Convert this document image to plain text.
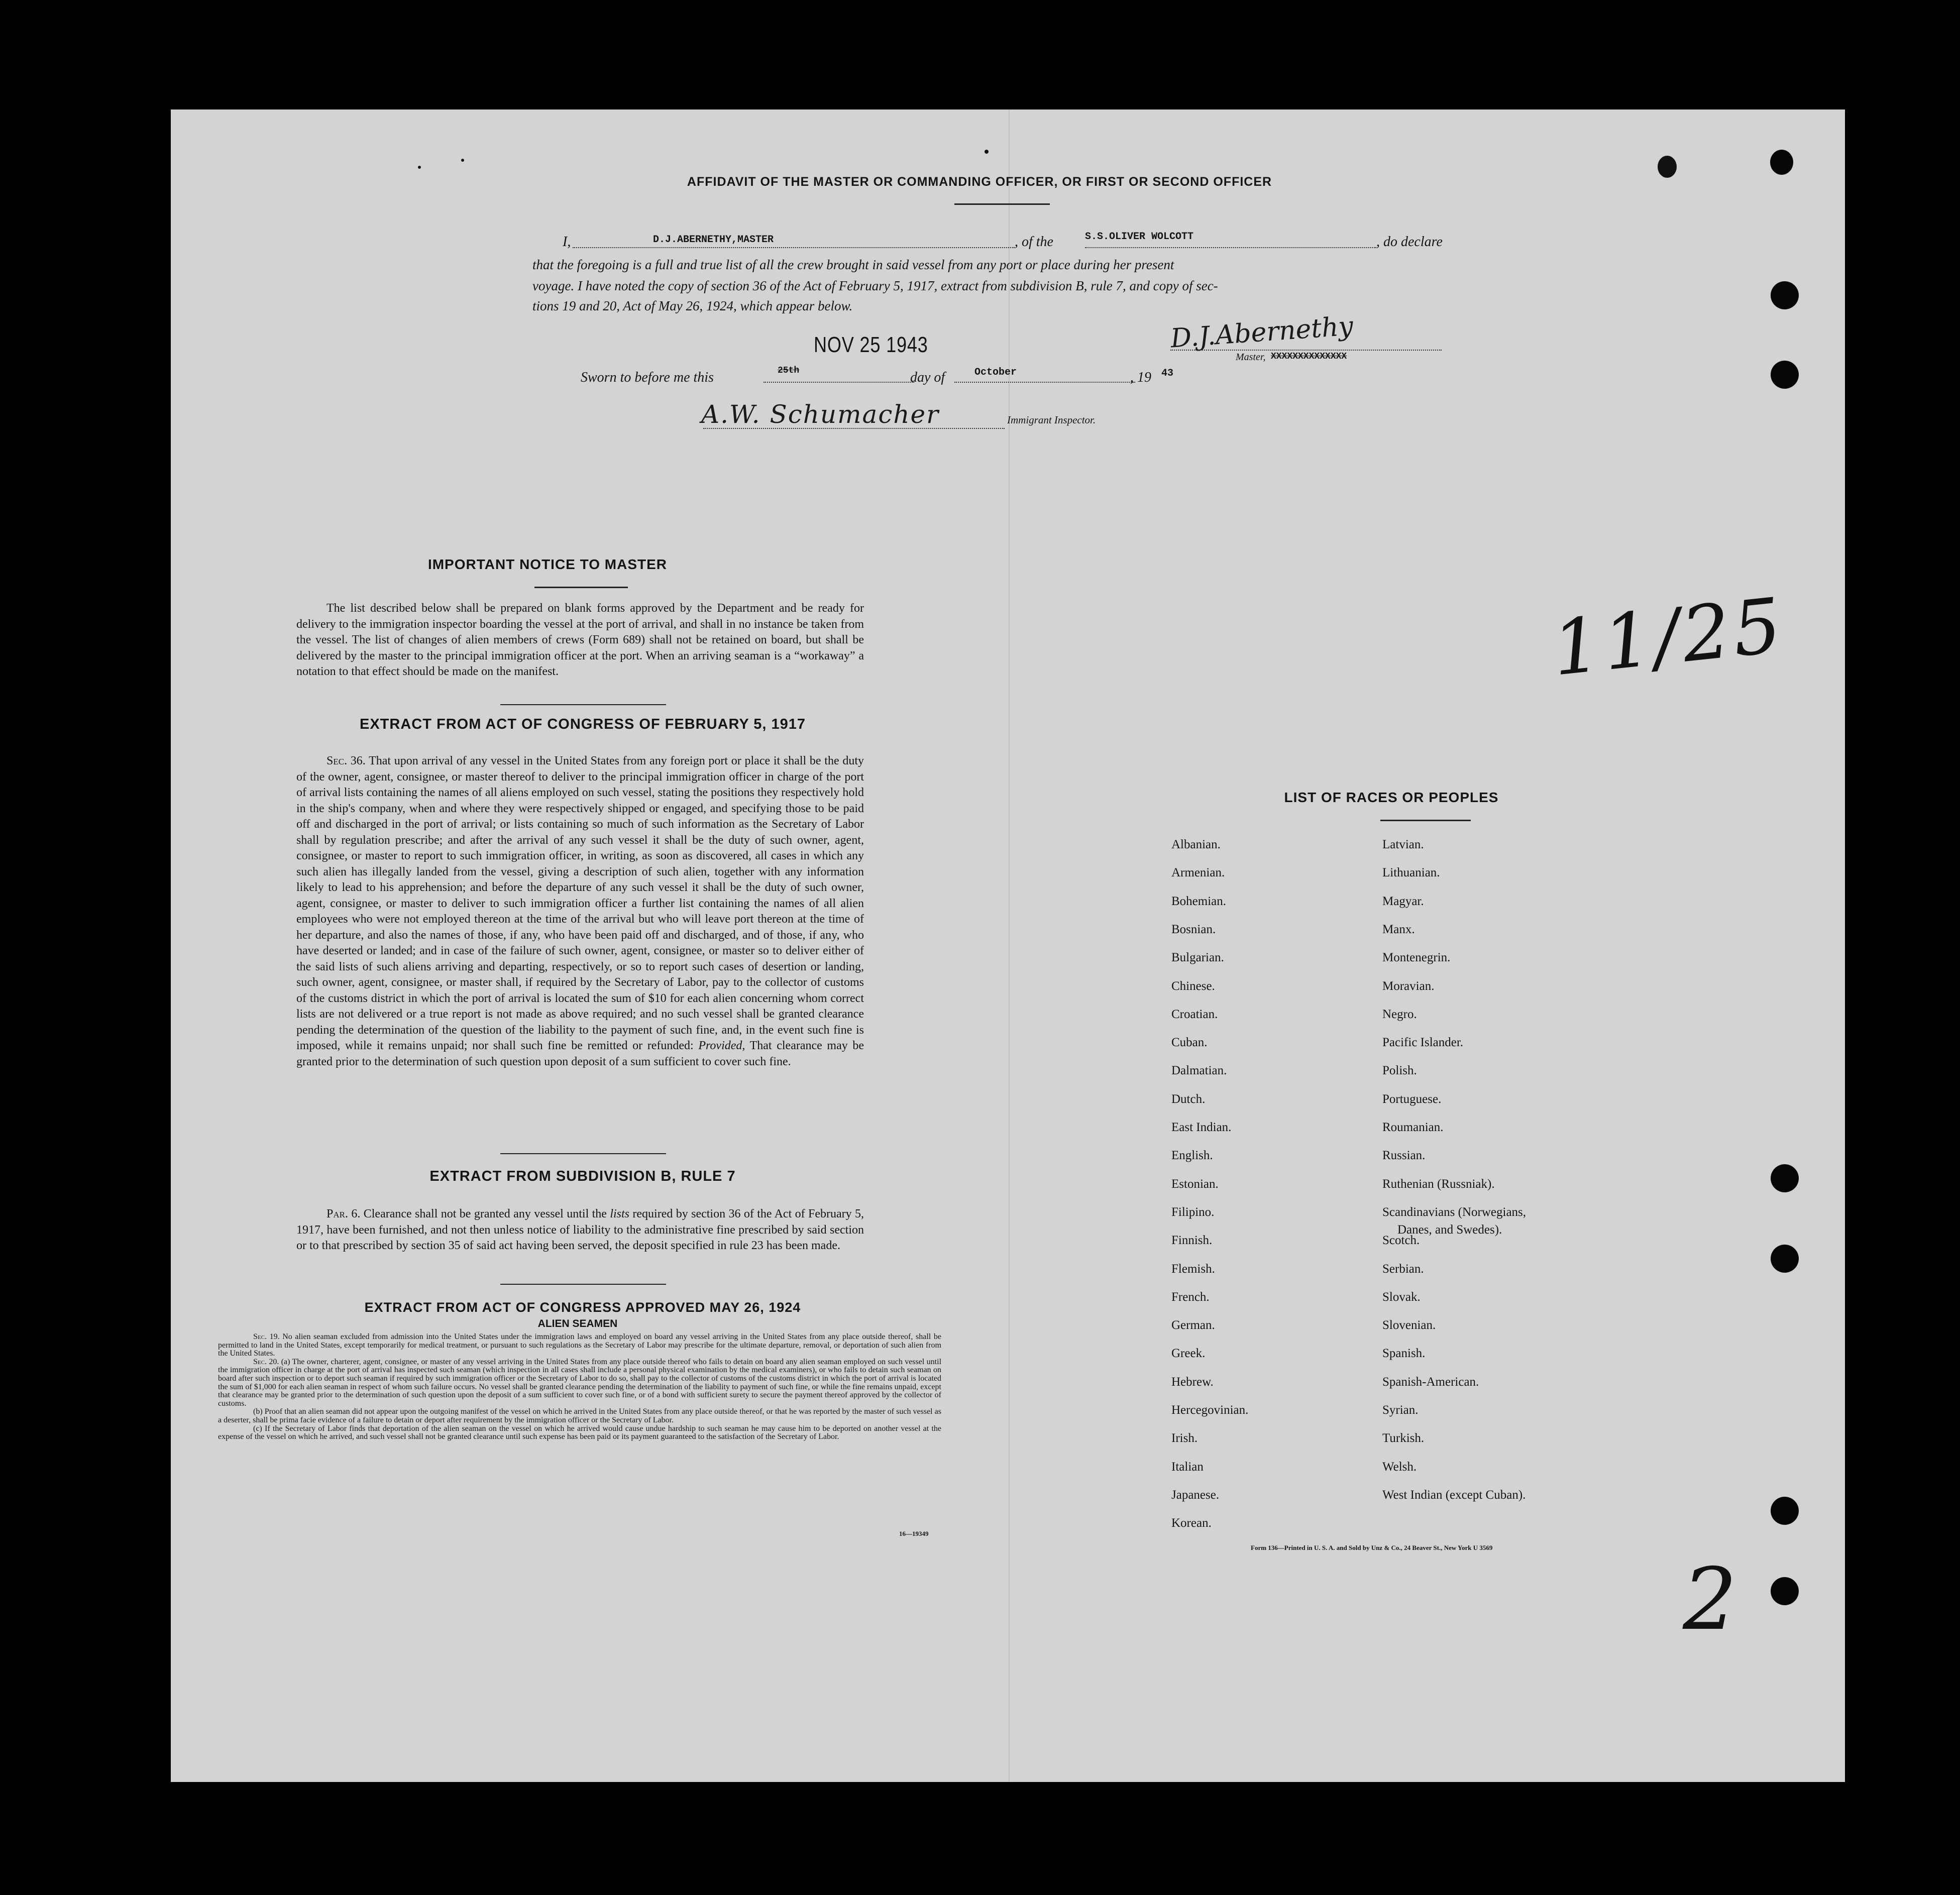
AFFIDAVIT OF THE MASTER OR COMMANDING OFFICER, OR FIRST OR SECOND OFFICER
I,	D.J.ABERNETHY,MASTER	, of the	S.S.OLIVER WOLCOTT	, do declare
that the foregoing is a full and true list of all the crew brought in said vessel from any port or place during her present
voyage. I have noted the copy of section 36 of the Act of February 5, 1917, extract from subdivision B, rule 7, and copy of sec-
tions 19 and 20, Act of May 26, 1924, which appear below.
NOV 25 1943	D.J.Abernethy
Master, XXXXXXXXXXXXXX
Sworn to before me this	25th	day of	October	, 19 43
A.W. Schumacher	Immigrant Inspector.
IMPORTANT NOTICE TO MASTER
The list described below shall be prepared on blank forms approved by the Department and be ready for delivery to the immigration inspector boarding the vessel at the port of arrival, and shall in no instance be taken from the vessel. The list of changes of alien members of crews (Form 689) shall not be retained on board, but shall be delivered by the master to the principal immigration officer at the port. When an arriving seaman is a “workaway” a notation to that effect should be made on the manifest.
EXTRACT FROM ACT OF CONGRESS OF FEBRUARY 5, 1917
Sec. 36. That upon arrival of any vessel in the United States from any foreign port or place it shall be the duty of the owner, agent, consignee, or master thereof to deliver to the principal immigration officer in charge of the port of arrival lists containing the names of all aliens employed on such vessel, stating the positions they respectively hold in the ship's company, when and where they were respectively shipped or engaged, and specifying those to be paid off and discharged in the port of arrival; or lists containing so much of such information as the Secretary of Labor shall by regulation prescribe; and after the arrival of any such vessel it shall be the duty of such owner, agent, consignee, or master to report to such immigration officer, in writing, as soon as discovered, all cases in which any such alien has illegally landed from the vessel, giving a description of such alien, together with any information likely to lead to his apprehension; and before the departure of any such vessel it shall be the duty of such owner, agent, consignee, or master to deliver to such immigration officer a further list containing the names of all alien employees who were not employed thereon at the time of the arrival but who will leave port thereon at the time of her departure, and also the names of those, if any, who have been paid off and discharged, and of those, if any, who have deserted or landed; and in case of the failure of such owner, agent, consignee, or master so to deliver either of the said lists of such aliens arriving and departing, respectively, or so to report such cases of desertion or landing, such owner, agent, consignee, or master shall, if required by the Secretary of Labor, pay to the collector of customs of the customs district in which the port of arrival is located the sum of $10 for each alien concerning whom correct lists are not delivered or a true report is not made as above required; and no such vessel shall be granted clearance pending the determination of the question of the liability to the payment of such fine, and, in the event such fine is imposed, while it remains unpaid; nor shall such fine be remitted or refunded: Provided, That clearance may be granted prior to the determination of such question upon deposit of a sum sufficient to cover such fine.
EXTRACT FROM SUBDIVISION B, RULE 7
Par. 6. Clearance shall not be granted any vessel until the lists required by section 36 of the Act of February 5, 1917, have been furnished, and not then unless notice of liability to the administrative fine prescribed by said section or to that prescribed by section 35 of said act having been served, the deposit specified in rule 23 has been made.
EXTRACT FROM ACT OF CONGRESS APPROVED MAY 26, 1924
ALIEN SEAMEN
Sec. 19. No alien seaman excluded from admission into the United States under the immigration laws and employed on board any vessel arriving in the United States from any place outside thereof, shall be permitted to land in the United States, except temporarily for medical treatment, or pursuant to such regulations as the Secretary of Labor may prescribe for the ultimate departure, removal, or deportation of such alien from the United States.
Sec. 20. (a) The owner, charterer, agent, consignee, or master of any vessel arriving in the United States from any place outside thereof who fails to detain on board any alien seaman employed on such vessel until the immigration officer in charge at the port of arrival has inspected such seaman (which inspection in all cases shall include a personal physical examination by the medical examiners), or who fails to detain such seaman on board after such inspection or to deport such seaman if required by such immigration officer or the Secretary of Labor to do so, shall pay to the collector of customs of the customs district in which the port of arrival is located the sum of $1,000 for each alien seaman in respect of whom such failure occurs. No vessel shall be granted clearance pending the determination of the liability to payment of such fine, or while the fine remains unpaid, except that clearance may be granted prior to the determination of such question upon the deposit of a sum sufficient to cover such fine, or of a bond with sufficient surety to secure the payment thereof approved by the collector of customs.
(b) Proof that an alien seaman did not appear upon the outgoing manifest of the vessel on which he arrived in the United States from any place outside thereof, or that he was reported by the master of such vessel as a deserter, shall be prima facie evidence of a failure to detain or deport after requirement by the immigration officer or the Secretary of Labor.
(c) If the Secretary of Labor finds that deportation of the alien seaman on the vessel on which he arrived would cause undue hardship to such seaman he may cause him to be deported on another vessel at the expense of the vessel on which he arrived, and such vessel shall not be granted clearance until such expense has been paid or its payment guaranteed to the satisfaction of the Secretary of Labor.
16—19349
11/25
2
LIST OF RACES OR PEOPLES
Albanian.
Armenian.
Bohemian.
Bosnian.
Bulgarian.
Chinese.
Croatian.
Cuban.
Dalmatian.
Dutch.
East Indian.
English.
Estonian.
Filipino.
Finnish.
Flemish.
French.
German.
Greek.
Hebrew.
Hercegovinian.
Irish.
Italian
Japanese.
Korean.
Latvian.
Lithuanian.
Magyar.
Manx.
Montenegrin.
Moravian.
Negro.
Pacific Islander.
Polish.
Portuguese.
Roumanian.
Russian.
Ruthenian (Russniak).
Scandinavians (Norwegians,
Danes, and Swedes).
Scotch.
Serbian.
Slovak.
Slovenian.
Spanish.
Spanish-American.
Syrian.
Turkish.
Welsh.
West Indian (except Cuban).
Form 136—Printed in U. S. A. and Sold by Unz & Co., 24 Beaver St., New York U 3569
